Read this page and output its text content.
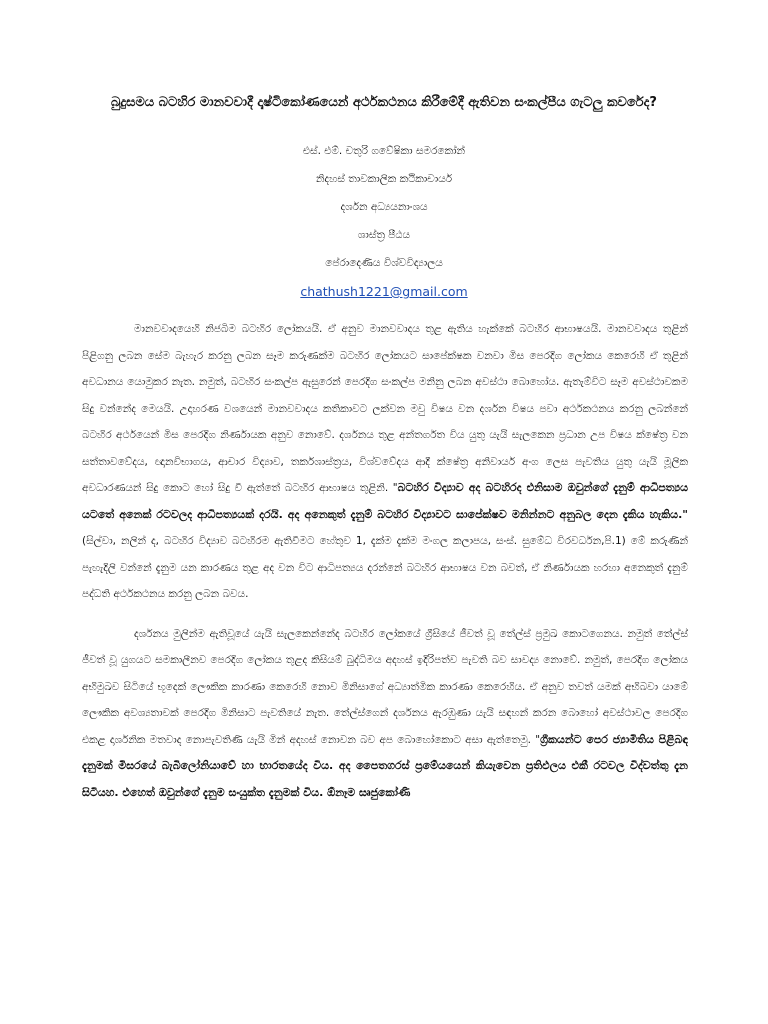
බුදුසමය බටහිර මානවවාදී දෘෂ්ටිකෝණයෙන් අර්ථකථනය කිරීමේදී ඇතිවන සංකල්පීය ගැටලු කවරේද?
එස්. එම්. චතුරි ගවේෂිකා සමරකෝන්
නිදහස් තාවකාලික කථිකාචාර්ය
දර්ශන අධ්‍යයනාංශය
ශාස්ත්‍ර පීඨය
පේරාදෙණිය විශ්වවිද්‍යාලය
chathush1221@gmail.com

මානවවාදයෙහි නිජබිම බටහිර ලෝකයයි. ඒ අනුව මානවවාදය තුළ ඇතිය හැක්කේ බටහිර ආභාෂයයි. මානවවාදය තුළින් පිළිගනු ලබන සේම බැහැර කරනු ලබන සෑම කරුණක්ම බටහිර ලෝකයට සාපේක්ෂක වනවා මිස පෙරදිග ලෝකය කෙරෙහි ඒ තුළින් අවධානය යොමුකර නැත. නමුත්, බටහිර සංකල්ප ඇසුරෙන් පෙරදිග සංකල්ප මනිනු ලබන අවස්ථා බොහෝය. ඇතැම්විට සෑම අවස්ථාවකම සිදු වන්නේද මෙයයි. උදාහරණ වශයෙන් මානවවාදය කතිකාවට ලක්වන මවු විෂය වන දර්ශන විෂය පවා අර්ථකථනය කරනු ලබන්නේ බටහිර අර්ථයෙන් මිස පෙරදිග නිර්ණායක අනුව නොවේ. දර්ශනය තුළ අන්තර්ගත විය යුතු යැයි සැලකෙන ප්‍රධාන උප විෂය ක්ෂේත්‍ර වන සත්තාවවේදය, ඥානවිභාගය, ආචාර විද්‍යාව, තර්කශාස්ත්‍රය, විශ්වවේදය ආදී ක්ෂේත්‍ර අනිවාර්ය අංග ලෙස පැවතිය යුතු යැයි මූලික අවධාරණයන් සිදු කොට හෝ සිදු වී ඇත්තේ බටහිර ආභාෂය තුළිනි. "බටහිර විද්‍යාව අද බටහිරද එනිසාම ඔවුන්ගේ දැනුම් ආධිපත්‍යය යටතේ අනෙක් රටවලද ආධිපත්‍යයක් දරයි. අද අනෙකුත් දැනුම් බටහිර විද්‍යාවට සාපේක්ෂව මනින්නට අනුබල දෙන දැකිය හැකිය." (සිල්වා, නලින් ද, බටහිර විද්‍යාව බටහිරම ඇතිවීමට හේතුව 1, දැක්ම දැක්ම මංගල කලාපය, සංස්. සුමේධ විරවර්ධන,පි.1) මේ කරුණින් පැහැදිලි වන්නේ දැනුම යන කාරණය තුළ අද වන විට ආධිපත්‍යය දරන්නේ බටහිර ආභාෂය වන බවත්, ඒ නිර්ණායක හරහා අනෙකුත් දැනුම් පද්ධති අර්ථකථනය කරනු ලබන බවය.

දර්ශනය මුලින්ම ඇතිවූයේ යැයි සැලකෙන්නේද බටහිර ලෝකයේ ග්‍රීසියේ ජීවත් වූ තේල්ස් ප්‍රමුඛ කොටගෙනය. නමුත් තේල්ස් ජීවත් වූ යුගයට සමකාලීනව පෙරදිග ලෝකය තුළද කිසියම් බුද්ධිමය අදහස් ඉදිරිපත්ව පැවති බව සාවද්‍ය නොවේ. නමුත්, පෙරදිග ලෝකය අභිමුඛව සිටියේ භූදෙක් ලෞකික කාරණා කෙරෙහි නොව මිනිසාගේ අධ්‍යාත්මික කාරණා කෙරෙහිය. ඒ අනුව තවත් යමක් අභිබවා යාමේ ලෞකික අවශ්‍යතාවක් පෙරදිග මිනිසාට පැවතියේ නැත. තේල්ස්ගෙන් දර්ශනය ඇරඹුණා යැයි සඳහන් කරන බොහෝ අවස්ථාවල පෙරදිග එකළ දාර්ශනික මතවාද නොපැවතිණි යැයි මින් අදහස් නොවන බව අප බොහෝකොට අසා ඇත්තෙමු. "ග්‍රීකයන්ට පෙර ජ්‍යාමිතිය පිළිබඳ දැනුමක් මිසරයේ බැබිලෝනියාවේ හා භාරතයේද විය. අද පෛතගරස් ප්‍රමේයයෙන් කියැවෙන ප්‍රතිඵලය එකී රටවල විද්වත්තු දැන සිටියහ. එහෙත් ඔවුන්ගේ දැනුම සංයුක්ත දැනුමක් විය. ඕනෑම සෘජුකෝණි
